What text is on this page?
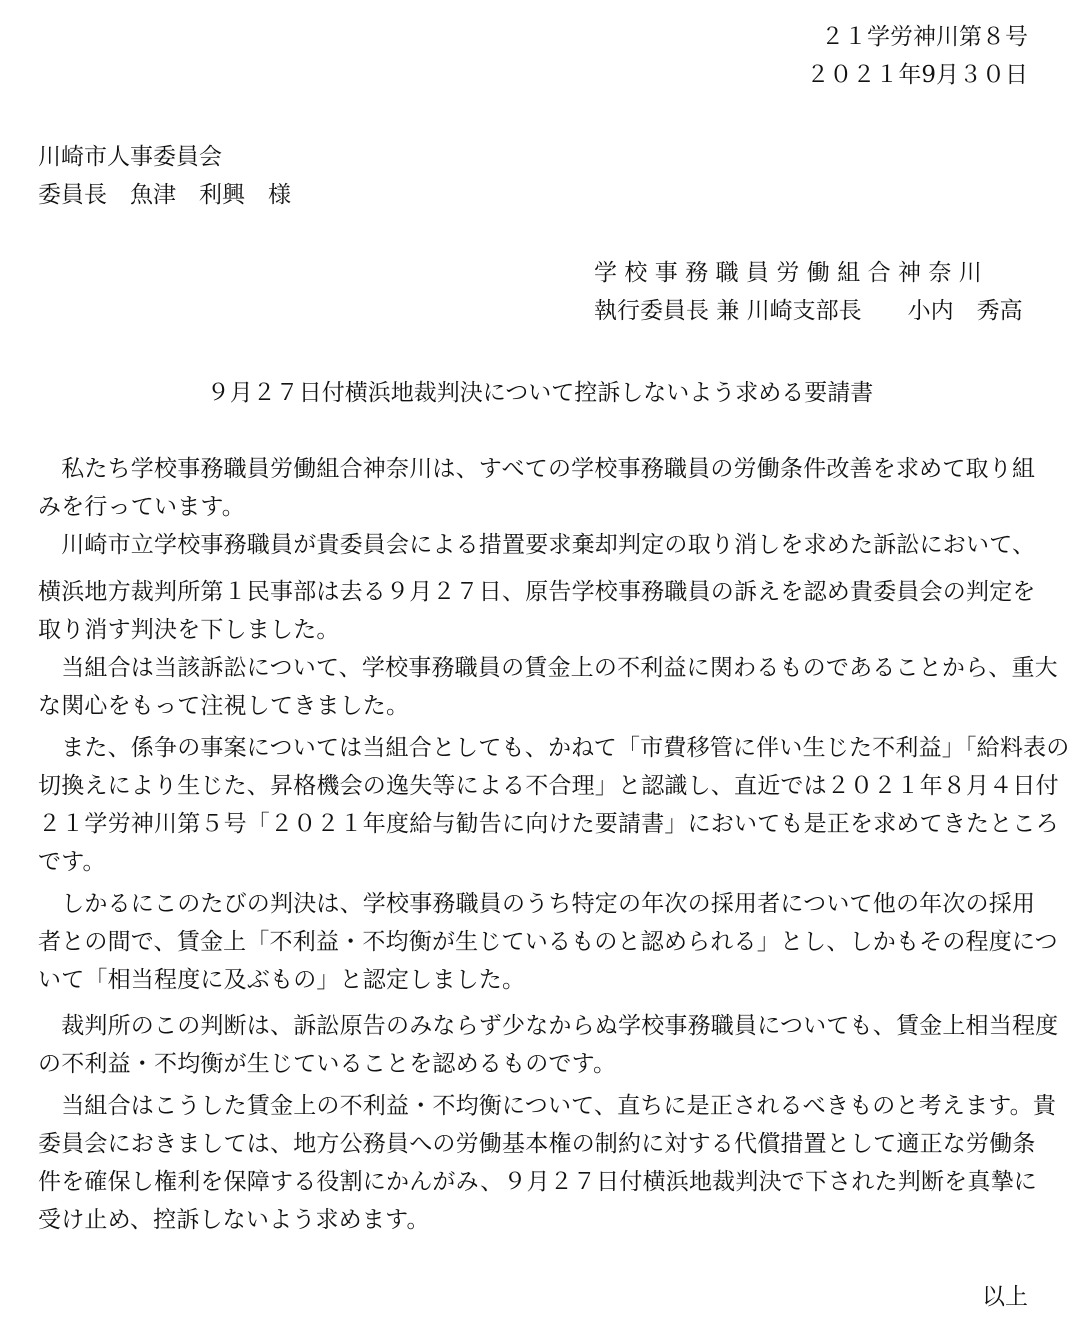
２１学労神川第８号
２０２１年9月３０日
川崎市人事委員会
委員長　魚津　利興　様
学校事務職員労働組合神奈川
執行委員長 兼 川崎支部長　　小内　秀高
９月２７日付横浜地裁判決について控訴しないよう求める要請書
　私たち学校事務職員労働組合神奈川は、すべての学校事務職員の労働条件改善を求めて取り組
みを行っています。
　川崎市立学校事務職員が貴委員会による措置要求棄却判定の取り消しを求めた訴訟において、
横浜地方裁判所第１民事部は去る９月２７日、原告学校事務職員の訴えを認め貴委員会の判定を
取り消す判決を下しました。
　当組合は当該訴訟について、学校事務職員の賃金上の不利益に関わるものであることから、重大
な関心をもって注視してきました。
　また、係争の事案については当組合としても、かねて「市費移管に伴い生じた不利益」「給料表の
切換えにより生じた、昇格機会の逸失等による不合理」と認識し、直近では２０２１年８月４日付
２１学労神川第５号「２０２１年度給与勧告に向けた要請書」においても是正を求めてきたところ
です。
　しかるにこのたびの判決は、学校事務職員のうち特定の年次の採用者について他の年次の採用
者との間で、賃金上「不利益・不均衡が生じているものと認められる」とし、しかもその程度につ
いて「相当程度に及ぶもの」と認定しました。
　裁判所のこの判断は、訴訟原告のみならず少なからぬ学校事務職員についても、賃金上相当程度
の不利益・不均衡が生じていることを認めるものです。
　当組合はこうした賃金上の不利益・不均衡について、直ちに是正されるべきものと考えます。貴
委員会におきましては、地方公務員への労働基本権の制約に対する代償措置として適正な労働条
件を確保し権利を保障する役割にかんがみ、９月２７日付横浜地裁判決で下された判断を真摯に
受け止め、控訴しないよう求めます。
以上
